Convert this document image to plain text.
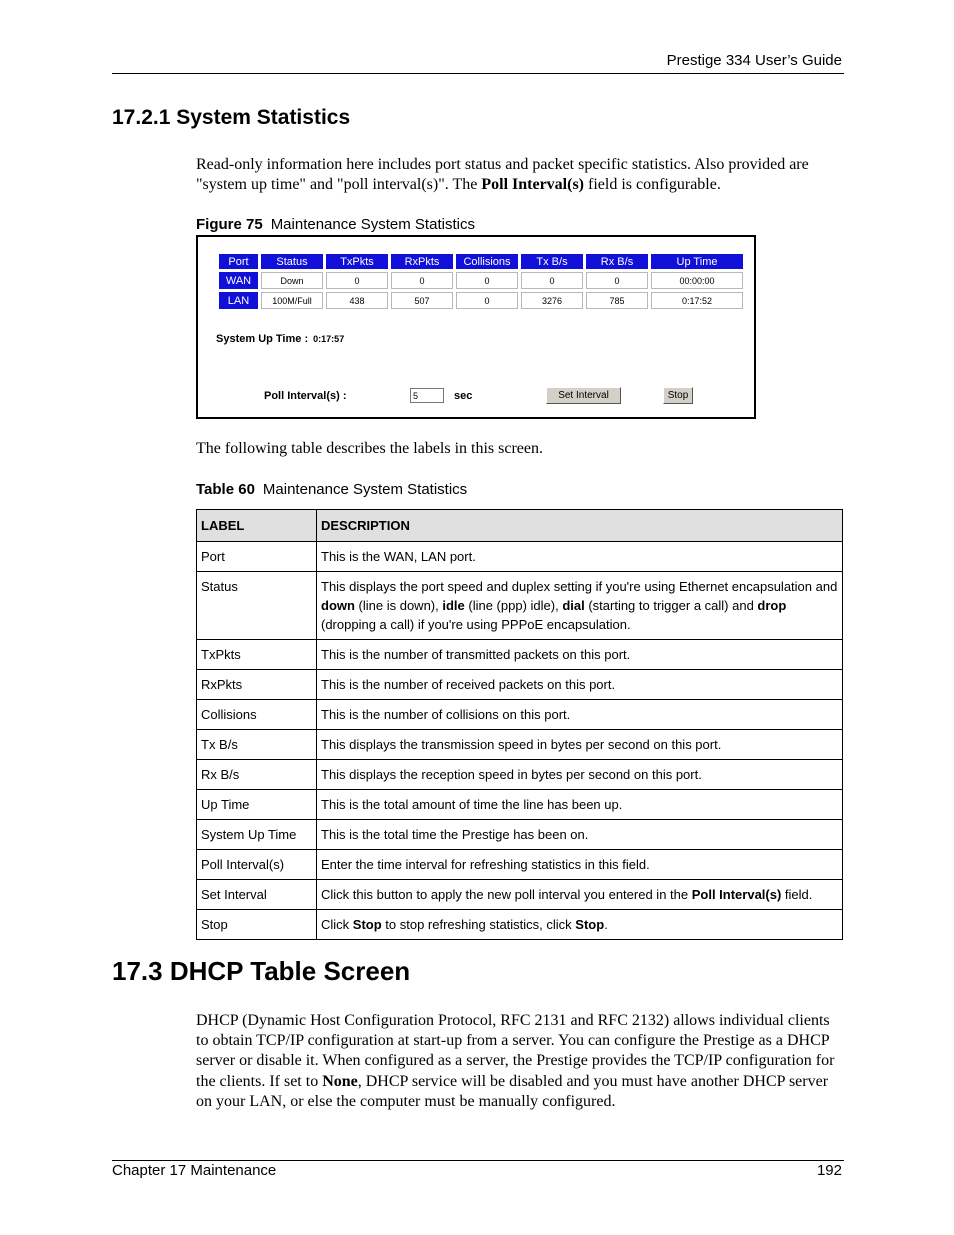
Prestige 334 User’s Guide
17.2.1 System Statistics

Read-only information here includes port status and packet specific statistics. Also provided are "system up time" and "poll interval(s)". The Poll Interval(s) field is configurable.

Figure 75 Maintenance System Statistics
Port	Status	TxPkts	RxPkts	Collisions	Tx B/s	Rx B/s	Up Time
WAN	Down	0	0	0	0	0	00:00:00
LAN	100M/Full	438	507	0	3276	785	0:17:52
System Up Time : 0:17:57
Poll Interval(s) :	5	sec	Set Interval	Stop
The following table describes the labels in this screen.
Table 60 Maintenance System Statistics
LABEL	DESCRIPTION
Port	This is the WAN, LAN port.
Status	This displays the port speed and duplex setting if you're using Ethernet encapsulation and down (line is down), idle (line (ppp) idle), dial (starting to trigger a call) and drop (dropping a call) if you're using PPPoE encapsulation.
TxPkts	This is the number of transmitted packets on this port.
RxPkts	This is the number of received packets on this port.
Collisions	This is the number of collisions on this port.
Tx B/s	This displays the transmission speed in bytes per second on this port.
Rx B/s	This displays the reception speed in bytes per second on this port.
Up Time	This is the total amount of time the line has been up.
System Up Time	This is the total time the Prestige has been on.
Poll Interval(s)	Enter the time interval for refreshing statistics in this field.
Set Interval	Click this button to apply the new poll interval you entered in the Poll Interval(s) field.
Stop	Click Stop to stop refreshing statistics, click Stop.
17.3 DHCP Table Screen

DHCP (Dynamic Host Configuration Protocol, RFC 2131 and RFC 2132) allows individual clients to obtain TCP/IP configuration at start-up from a server. You can configure the Prestige as a DHCP server or disable it. When configured as a server, the Prestige provides the TCP/IP configuration for the clients. If set to None, DHCP service will be disabled and you must have another DHCP server on your LAN, or else the computer must be manually configured.

Chapter 17 Maintenance	192
